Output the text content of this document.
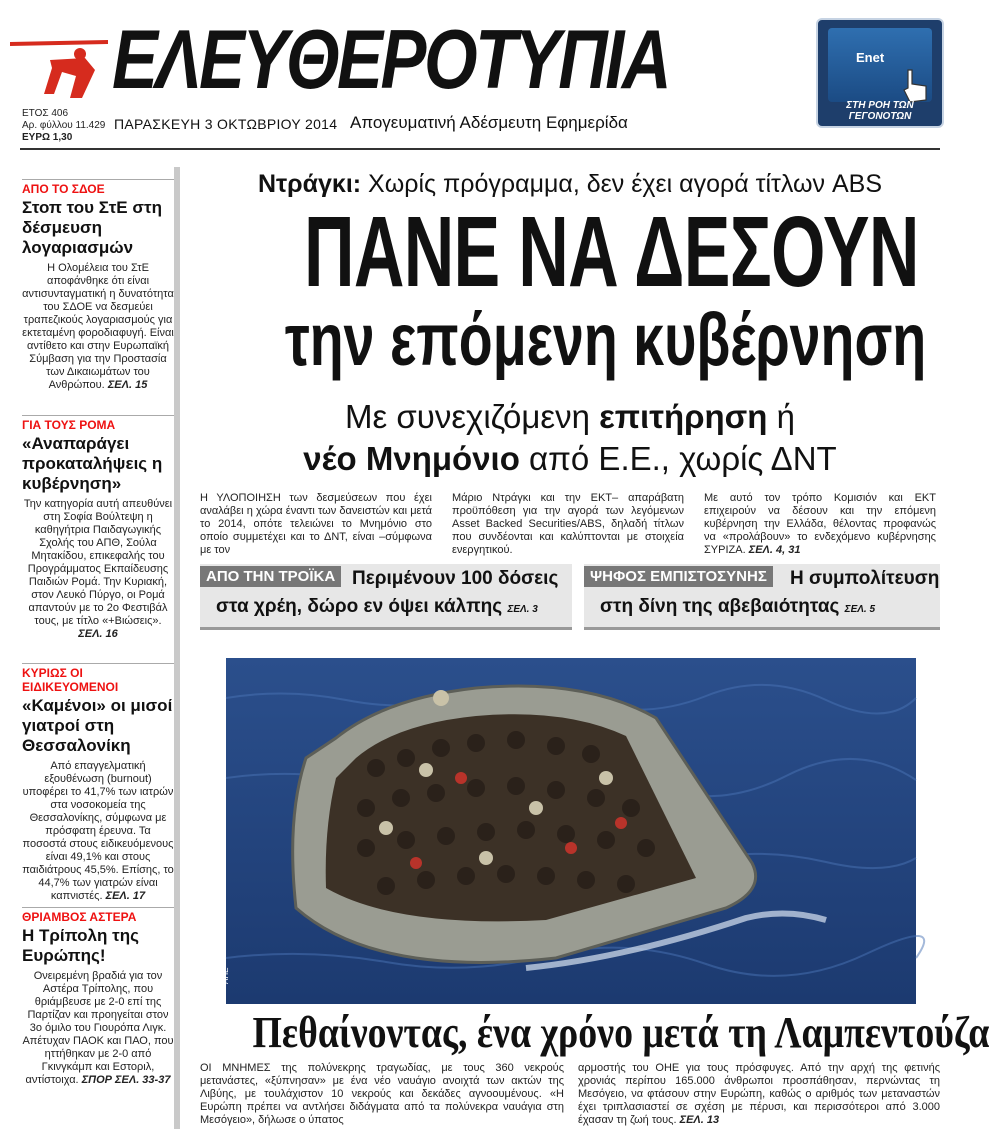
ΕΛΕΥΘΕΡΟΤΥΠΙΑ
ΕΤΟΣ 406
Αρ. φύλλου 11.429
ΕΥΡΩ 1,30
ΠΑΡΑΣΚΕΥΗ 3 ΟΚΤΩΒΡΙΟΥ 2014 Απογευματινή Αδέσμευτη Εφημερίδα
Enet
ΣΤΗ ΡΟΗ ΤΩΝ ΓΕΓΟΝΟΤΩΝ
ΑΠΟ ΤΟ ΣΔΟΕ
Στοπ του ΣτΕ στη δέσμευση λογαριασμών
Η Ολομέλεια του ΣτΕ αποφάνθηκε ότι είναι αντισυνταγματική η δυνατότητα του ΣΔΟΕ να δεσμεύει τραπεζικούς λογαριασμούς για εκτεταμένη φοροδιαφυγή. Είναι αντίθετο και στην Ευρωπαϊκή Σύμβαση για την Προστασία των Δικαιωμάτων του Ανθρώπου. ΣΕΛ. 15
ΓΙΑ ΤΟΥΣ ΡΟΜΑ
«Αναπαράγει προκαταλήψεις η κυβέρνηση»
Την κατηγορία αυτή απευθύνει στη Σοφία Βούλτεψη η καθηγήτρια Παιδαγωγικής Σχολής του ΑΠΘ, Σούλα Μητακίδου, επικεφαλής του Προγράμματος Εκπαίδευσης Παιδιών Ρομά. Την Κυριακή, στον Λευκό Πύργο, οι Ρομά απαντούν με το 2ο Φεστιβάλ τους, με τίτλο «+Βιώσεις». ΣΕΛ. 16
ΚΥΡΙΩΣ ΟΙ ΕΙΔΙΚΕΥΟΜΕΝΟΙ
«Καμένοι» οι μισοί γιατροί στη Θεσσαλονίκη
Από επαγγελματική εξουθένωση (burnout) υποφέρει το 41,7% των ιατρών στα νοσοκομεία της Θεσσαλονίκης, σύμφωνα με πρόσφατη έρευνα. Τα ποσοστά στους ειδικευόμενους είναι 49,1% και στους παιδιάτρους 45,5%. Επίσης, το 44,7% των γιατρών είναι καπνιστές. ΣΕΛ. 17
ΘΡΙΑΜΒΟΣ ΑΣΤΕΡΑ
Η Τρίπολη της Ευρώπης!
Ονειρεμένη βραδιά για τον Αστέρα Τρίπολης, που θριάμβευσε με 2-0 επί της Παρτίζαν και προηγείται στον 3ο όμιλο του Γιουρόπα Λιγκ. Απέτυχαν ΠΑΟΚ και ΠΑΟ, που ηττήθηκαν με 2-0 από Γκινγκάμπ και Εστοριλ, αντίστοιχα. ΣΠΟΡ ΣΕΛ. 33-37
Ντράγκι: Χωρίς πρόγραμμα, δεν έχει αγορά τίτλων ABS
ΠΑΝΕ ΝΑ ΔΕΣΟΥΝ
την επόμενη κυβέρνηση
Με συνεχιζόμενη επιτήρηση ή
νέο Μνημόνιο από Ε.Ε., χωρίς ΔΝΤ
Η ΥΛΟΠΟΙΗΣΗ των δεσμεύσεων που έχει αναλάβει η χώρα έναντι των δανειστών και μετά το 2014, οπότε τελειώνει το Μνημόνιο στο οποίο συμμετέχει και το ΔΝΤ, είναι –σύμφωνα με τον
Μάριο Ντράγκι και την ΕΚΤ– απαράβατη προϋπόθεση για την αγορά των λεγόμενων Asset Backed Securities/ABS, δηλαδή τίτλων που συνδέονται και καλύπτονται με στοιχεία ενεργητικού.
Με αυτό τον τρόπο Κομισιόν και ΕΚΤ επιχειρούν να δέσουν και την επόμενη κυβέρνηση την Ελλάδα, θέλοντας προφανώς να «προλάβουν» το ενδεχόμενο κυβέρνησης ΣΥΡΙΖΑ. ΣΕΛ. 4, 31
ΑΠΟ ΤΗΝ ΤΡΟΪΚΑ Περιμένουν 100 δόσεις
στα χρέη, δώρο εν όψει κάλπης ΣΕΛ. 3
ΨΗΦΟΣ ΕΜΠΙΣΤΟΣΥΝΗΣ	Η συμπολίτευση
στη δίνη της αβεβαιότητας ΣΕΛ. 5
ΑΠΕ
Πεθαίνοντας, ένα χρόνο μετά τη Λαμπεντούζα
ΟΙ ΜΝΗΜΕΣ της πολύνεκρης τραγωδίας, με τους 360 νεκρούς μετανάστες, «ξύπνησαν» με ένα νέο ναυάγιο ανοιχτά των ακτών της Λιβύης, με τουλάχιστον 10 νεκρούς και δεκάδες αγνοουμένους. «Η Ευρώπη πρέπει να αντλήσει διδάγματα από τα πολύνεκρα ναυάγια στη Μεσόγειο», δήλωσε ο ύπατος
αρμοστής του ΟΗΕ για τους πρόσφυγες. Από την αρχή της φετινής χρονιάς περίπου 165.000 άνθρωποι προσπάθησαν, περνώντας τη Μεσόγειο, να φτάσουν στην Ευρώπη, καθώς ο αριθμός των μεταναστών έχει τριπλασιαστεί σε σχέση με πέρυσι, και περισσότεροι από 3.000 έχασαν τη ζωή τους. ΣΕΛ. 13
